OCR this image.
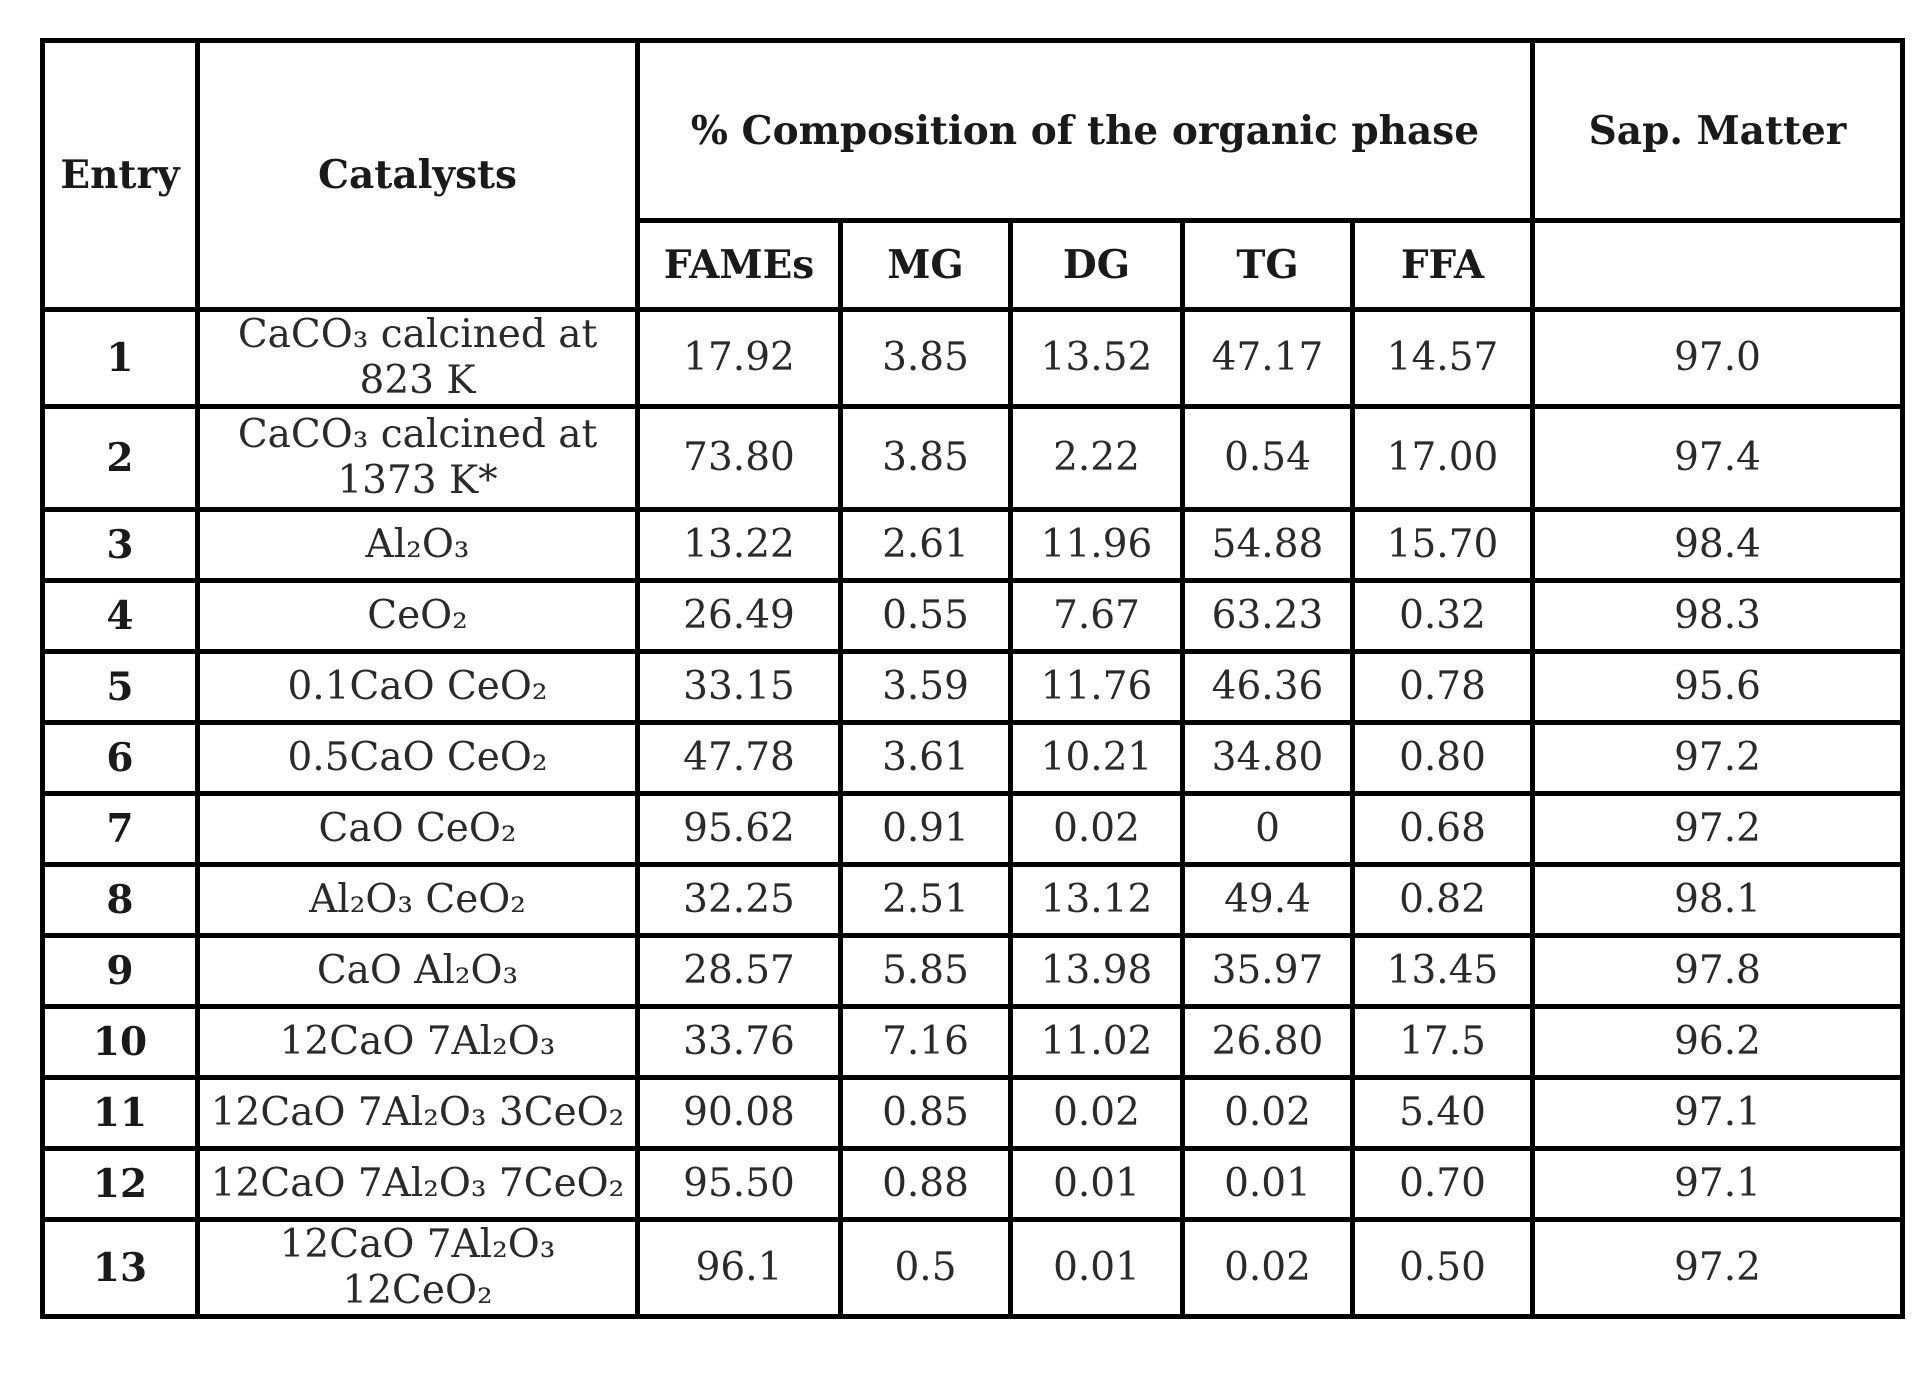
Entry	Catalysts	% Composition of the organic phase					Sap. Matter
		FAMEs	MG	DG	TG	FFA	
1	CaCO₃ calcined at 823 K	17.92	3.85	13.52	47.17	14.57	97.0
2	CaCO₃ calcined at 1373 K*	73.80	3.85	2.22	0.54	17.00	97.4
3	Al₂O₃	13.22	2.61	11.96	54.88	15.70	98.4
4	CeO₂	26.49	0.55	7.67	63.23	0.32	98.3
5	0.1CaO CeO₂	33.15	3.59	11.76	46.36	0.78	95.6
6	0.5CaO CeO₂	47.78	3.61	10.21	34.80	0.80	97.2
7	CaO CeO₂	95.62	0.91	0.02	0	0.68	97.2
8	Al₂O₃ CeO₂	32.25	2.51	13.12	49.4	0.82	98.1
9	CaO Al₂O₃	28.57	5.85	13.98	35.97	13.45	97.8
10	12CaO 7Al₂O₃	33.76	7.16	11.02	26.80	17.5	96.2
11	12CaO 7Al₂O₃ 3CeO₂	90.08	0.85	0.02	0.02	5.40	97.1
12	12CaO 7Al₂O₃ 7CeO₂	95.50	0.88	0.01	0.01	0.70	97.1
13	12CaO 7Al₂O₃ 12CeO₂	96.1	0.5	0.01	0.02	0.50	97.2
